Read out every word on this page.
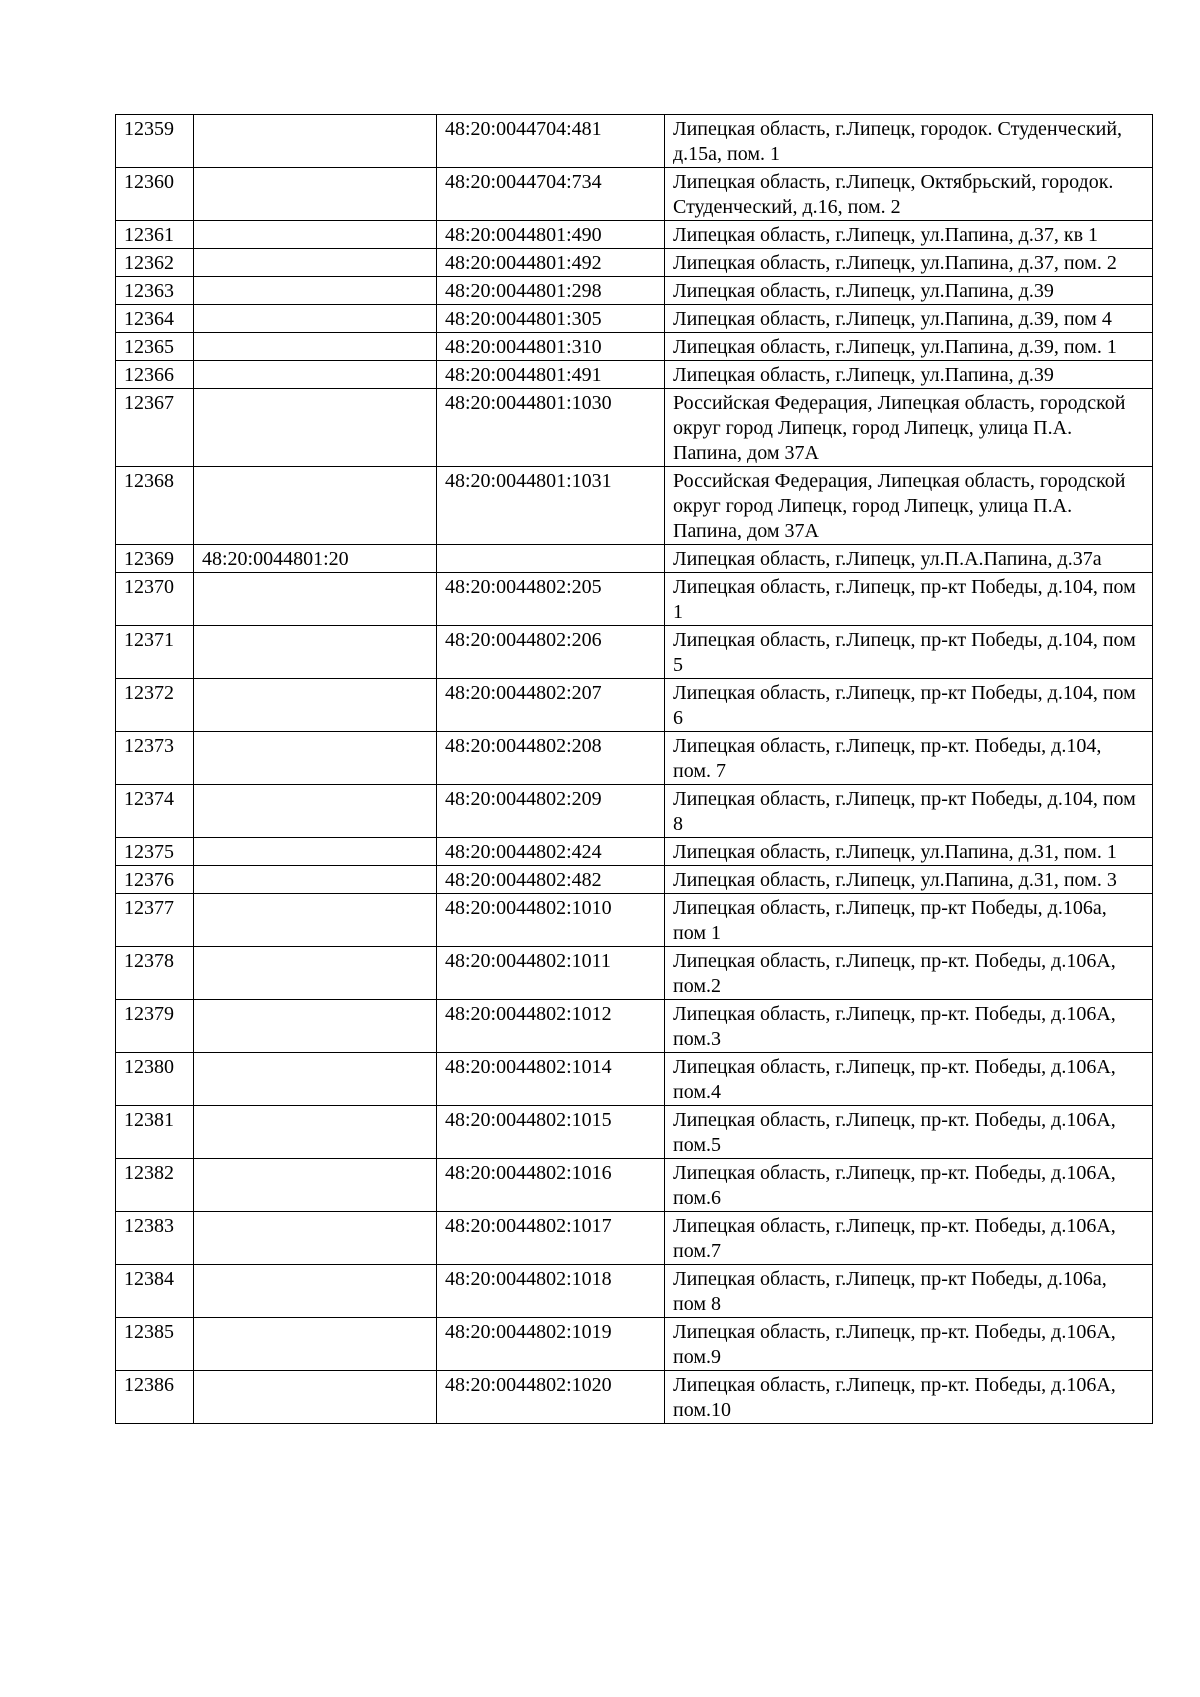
12359		48:20:0044704:481	Липецкая область, г.Липецк, городок. Студенческий, д.15а, пом. 1
12360		48:20:0044704:734	Липецкая область, г.Липецк, Октябрьский, городок. Студенческий, д.16, пом. 2
12361		48:20:0044801:490	Липецкая область, г.Липецк, ул.Папина, д.37, кв 1
12362		48:20:0044801:492	Липецкая область, г.Липецк, ул.Папина, д.37, пом. 2
12363		48:20:0044801:298	Липецкая область, г.Липецк, ул.Папина, д.39
12364		48:20:0044801:305	Липецкая область, г.Липецк, ул.Папина, д.39, пом 4
12365		48:20:0044801:310	Липецкая область, г.Липецк, ул.Папина, д.39, пом. 1
12366		48:20:0044801:491	Липецкая область, г.Липецк, ул.Папина, д.39
12367		48:20:0044801:1030	Российская Федерация, Липецкая область, городской округ город Липецк, город Липецк, улица П.А. Папина, дом 37А
12368		48:20:0044801:1031	Российская Федерация, Липецкая область, городской округ город Липецк, город Липецк, улица П.А. Папина, дом 37А
12369	48:20:0044801:20		Липецкая область, г.Липецк, ул.П.А.Папина, д.37а
12370		48:20:0044802:205	Липецкая область, г.Липецк, пр-кт Победы, д.104, пом 1
12371		48:20:0044802:206	Липецкая область, г.Липецк, пр-кт Победы, д.104, пом 5
12372		48:20:0044802:207	Липецкая область, г.Липецк, пр-кт Победы, д.104, пом 6
12373		48:20:0044802:208	Липецкая область, г.Липецк, пр-кт. Победы, д.104, пом. 7
12374		48:20:0044802:209	Липецкая область, г.Липецк, пр-кт Победы, д.104, пом 8
12375		48:20:0044802:424	Липецкая область, г.Липецк, ул.Папина, д.31, пом. 1
12376		48:20:0044802:482	Липецкая область, г.Липецк, ул.Папина, д.31, пом. 3
12377		48:20:0044802:1010	Липецкая область, г.Липецк, пр-кт Победы, д.106а, пом 1
12378		48:20:0044802:1011	Липецкая область, г.Липецк, пр-кт. Победы, д.106А, пом.2
12379		48:20:0044802:1012	Липецкая область, г.Липецк, пр-кт. Победы, д.106А, пом.3
12380		48:20:0044802:1014	Липецкая область, г.Липецк, пр-кт. Победы, д.106А, пом.4
12381		48:20:0044802:1015	Липецкая область, г.Липецк, пр-кт. Победы, д.106А, пом.5
12382		48:20:0044802:1016	Липецкая область, г.Липецк, пр-кт. Победы, д.106А, пом.6
12383		48:20:0044802:1017	Липецкая область, г.Липецк, пр-кт. Победы, д.106А, пом.7
12384		48:20:0044802:1018	Липецкая область, г.Липецк, пр-кт Победы, д.106а, пом 8
12385		48:20:0044802:1019	Липецкая область, г.Липецк, пр-кт. Победы, д.106А, пом.9
12386		48:20:0044802:1020	Липецкая область, г.Липецк, пр-кт. Победы, д.106А, пом.10
